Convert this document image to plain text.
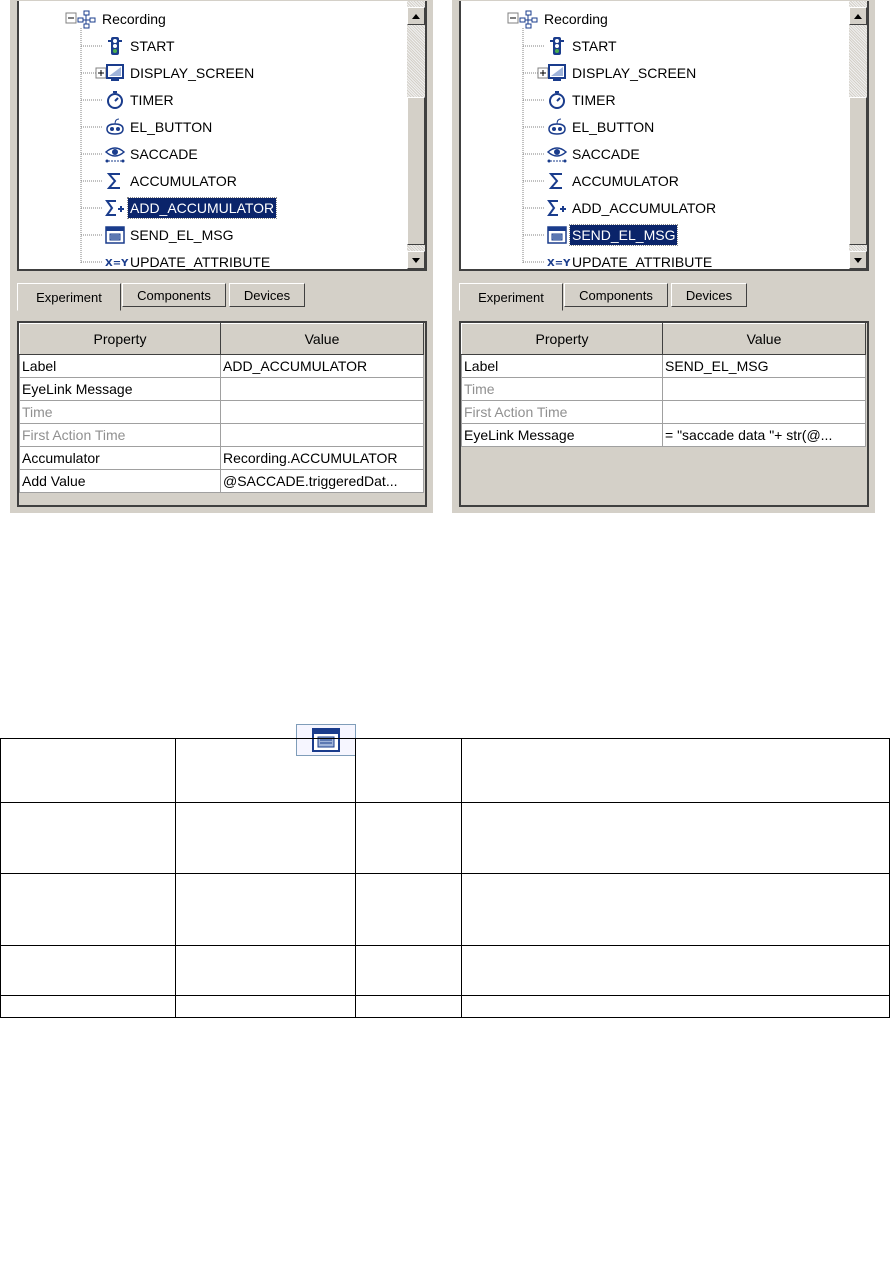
Recording
START
DISPLAY_SCREEN
TIMER
EL_BUTTON
SACCADE
ACCUMULATOR
ADD_ACCUMULATOR
SEND_EL_MSG
X=Y UPDATE_ATTRIBUTE
Experiment	Components	Devices
Property	Value
Label	ADD_ACCUMULATOR
EyeLink Message	
Time	
First Action Time	
Accumulator	Recording.ACCUMULATOR
Add Value	@SACCADE.triggeredDat...
Recording
START
DISPLAY_SCREEN
TIMER
EL_BUTTON
SACCADE
ACCUMULATOR
ADD_ACCUMULATOR
SEND_EL_MSG
X=Y UPDATE_ATTRIBUTE
Experiment	Components	Devices
Property	Value
Label	SEND_EL_MSG
Time	
First Action Time	
EyeLink Message	= "saccade data "+ str(@...
